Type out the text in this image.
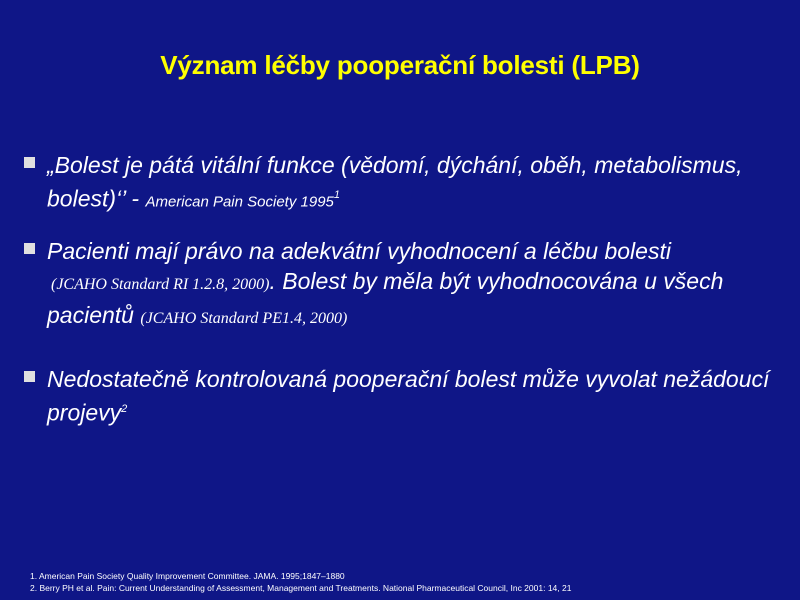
Význam léčby pooperační bolesti (LPB)
„Bolest je pátá vitální funkce (vědomí, dýchání, oběh, metabolismus, bolest)‘’ - American Pain Society 1995$^1$
Pacienti mají právo na adekvátní vyhodnocení a léčbu bolesti
(JCAHO Standard RI 1.2.8, 2000). Bolest by měla být vyhodnocována u všech pacientů (JCAHO Standard PE1.4, 2000)
Nedostatečně kontrolovaná pooperační bolest může vyvolat nežádoucí projevy$^2$
1. American Pain Society Quality Improvement Committee. JAMA. 1995;1847–1880
2. Berry PH et al. Pain: Current Understanding of Assessment, Management and Treatments. National Pharmaceutical Council, Inc 2001: 14, 21
